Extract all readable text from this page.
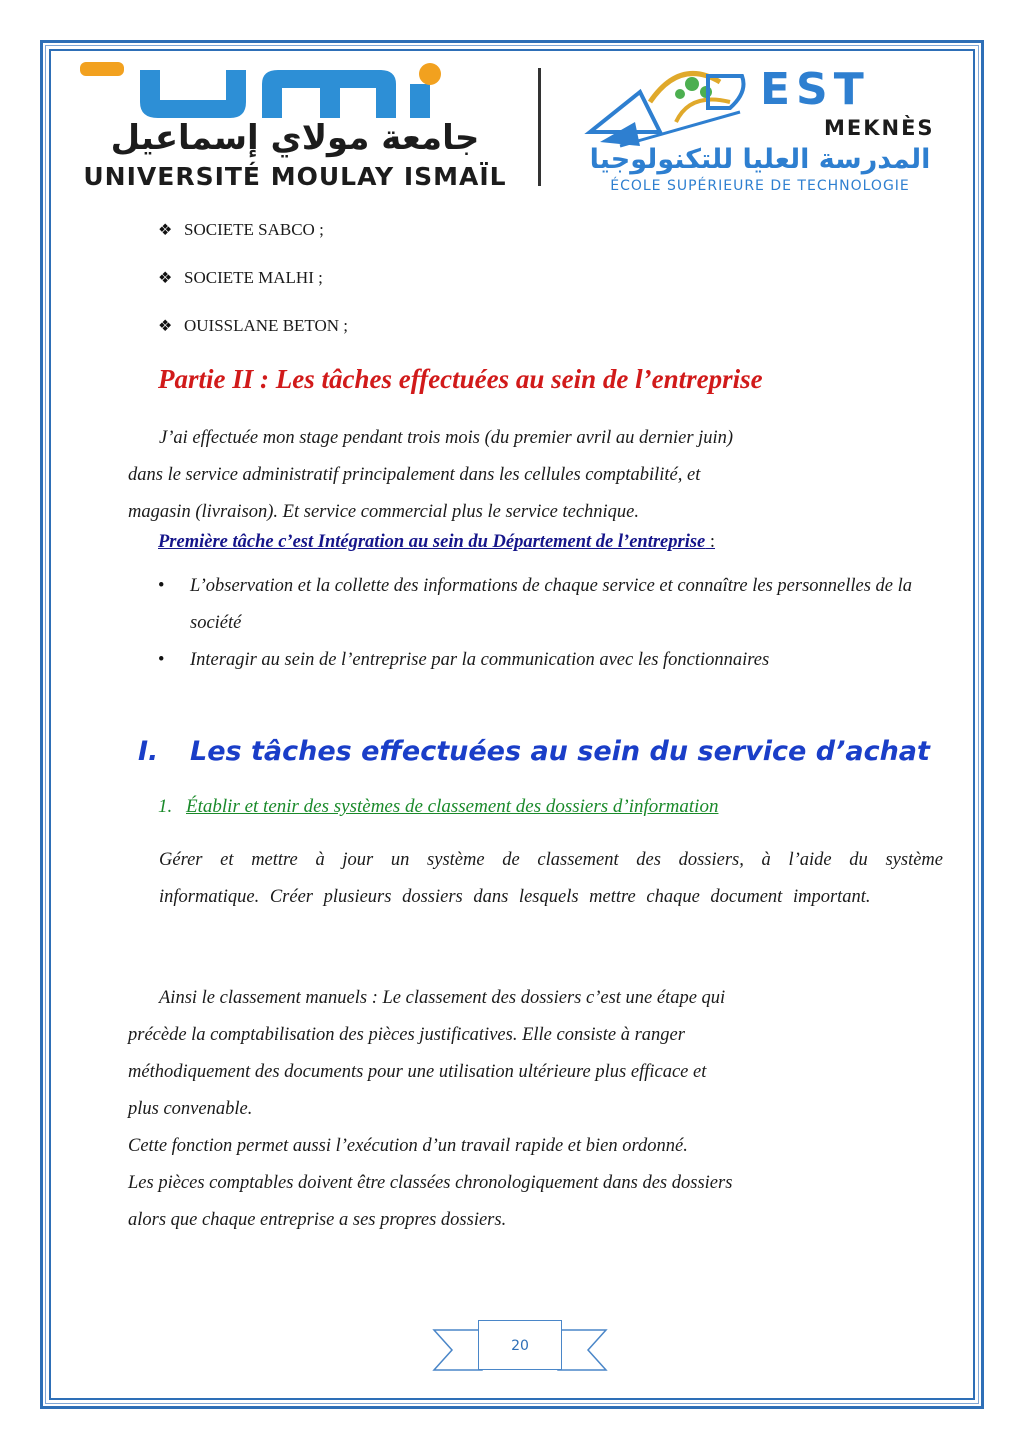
جامعة مولاي إسماعيل
UNIVERSITÉ MOULAY ISMAÏL
EST
MEKNÈS
المدرسة العليا للتكنولوجيا
ÉCOLE SUPÉRIEURE DE TECHNOLOGIE
❖ SOCIETE SABCO ;
❖ SOCIETE MALHI ;
❖ OUISSLANE BETON ;
Partie II : Les tâches effectuées au sein de l’entreprise
J’ai effectuée mon stage pendant trois mois (du premier avril au dernier juin)
dans le service administratif principalement dans les cellules comptabilité, et
magasin (livraison). Et service commercial plus le service technique.
Première tâche c’est Intégration au sein du Département de l’entreprise :
•	L’observation et la collette des informations de chaque service et connaître les personnelles de la société
•	Interagir au sein de l’entreprise par la communication avec les fonctionnaires
I. Les tâches effectuées au sein du service d’achat
1. Établir et tenir des systèmes de classement des dossiers d’information
Gérer et mettre à jour un système de classement des dossiers, à l’aide du système informatique. Créer plusieurs dossiers dans lesquels mettre chaque document important.
Ainsi le classement manuels : Le classement des dossiers c’est une étape qui
précède la comptabilisation des pièces justificatives. Elle consiste à ranger
méthodiquement des documents pour une utilisation ultérieure plus efficace et
plus convenable.
Cette fonction permet aussi l’exécution d’un travail rapide et bien ordonné.
Les pièces comptables doivent être classées chronologiquement dans des dossiers
alors que chaque entreprise a ses propres dossiers.
20
